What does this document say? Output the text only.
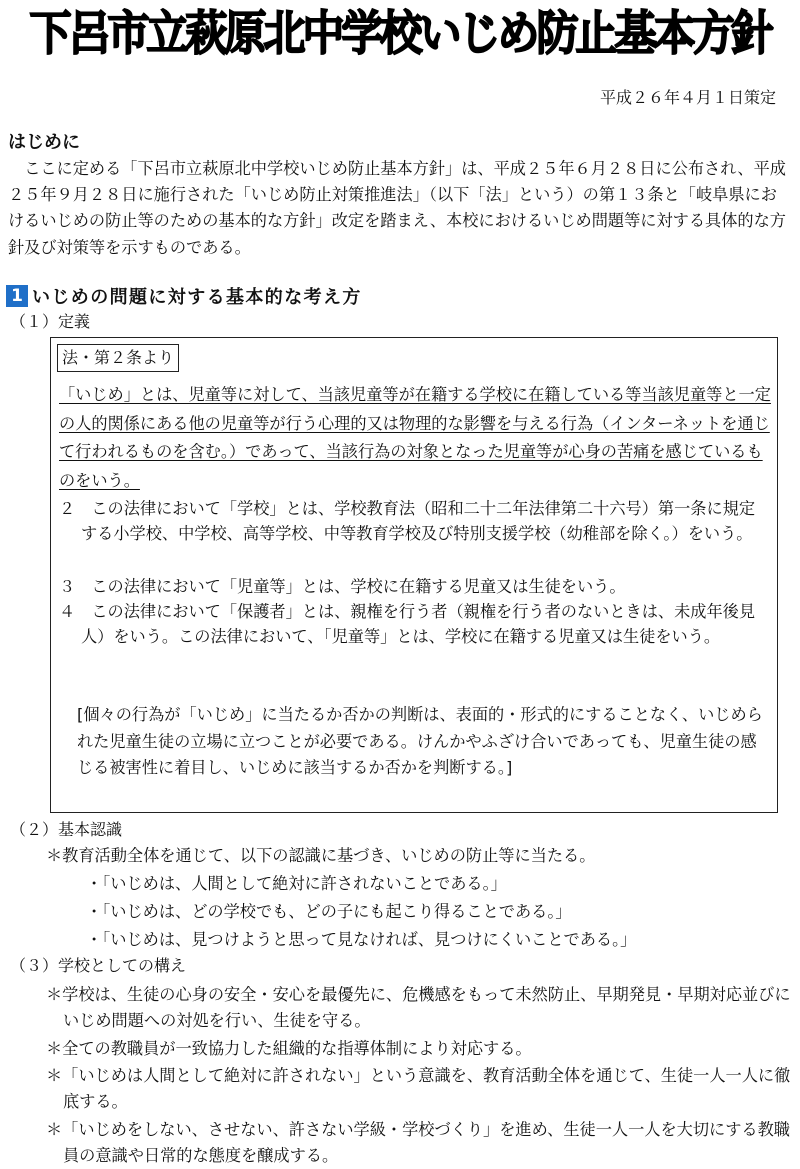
下呂市立萩原北中学校いじめ防止基本方針
平成２６年４月１日策定
はじめに

ここに定める「下呂市立萩原北中学校いじめ防止基本方針」は、平成２５年６月２８日に公布され、平成２５年９月２８日に施行された「いじめ防止対策推進法」（以下「法」という）の第１３条と「岐阜県におけるいじめの防止等のための基本的な方針」改定を踏まえ、本校におけるいじめ問題等に対する具体的な方針及び対策等を示すものである。

1 いじめの問題に対する基本的な考え方
（１）定義
法・第２条より

「いじめ」とは、児童等に対して、当該児童等が在籍する学校に在籍している等当該児童等と一定の人的関係にある他の児童等が行う心理的又は物理的な影響を与える行為（インターネットを通じて行われるものを含む。）であって、当該行為の対象となった児童等が心身の苦痛を感じているものをいう。

２　この法律において「学校」とは、学校教育法（昭和二十二年法律第二十六号）第一条に規定する小学校、中学校、高等学校、中等教育学校及び特別支援学校（幼稚部を除く。）をいう。

３　この法律において「児童等」とは、学校に在籍する児童又は生徒をいう。

４　この法律において「保護者」とは、親権を行う者（親権を行う者のないときは、未成年後見人）をいう。この法律において、「児童等」とは、学校に在籍する児童又は生徒をいう。

[個々の行為が「いじめ」に当たるか否かの判断は、表面的・形式的にすることなく、いじめられた児童生徒の立場に立つことが必要である。けんかやふざけ合いであっても、児童生徒の感じる被害性に着目し、いじめに該当するか否かを判断する。]

（２）基本認識

＊教育活動全体を通じて、以下の認識に基づき、いじめの防止等に当たる。

・「いじめは、人間として絶対に許されないことである。」

・「いじめは、どの学校でも、どの子にも起こり得ることである。」

・「いじめは、見つけようと思って見なければ、見つけにくいことである。」

（３）学校としての構え

＊学校は、生徒の心身の安全・安心を最優先に、危機感をもって未然防止、早期発見・早期対応並びにいじめ問題への対処を行い、生徒を守る。

＊全ての教職員が一致協力した組織的な指導体制により対応する。

＊「いじめは人間として絶対に許されない」という意識を、教育活動全体を通じて、生徒一人一人に徹底する。

＊「いじめをしない、させない、許さない学級・学校づくり」を進め、生徒一人一人を大切にする教職員の意識や日常的な態度を醸成する。
